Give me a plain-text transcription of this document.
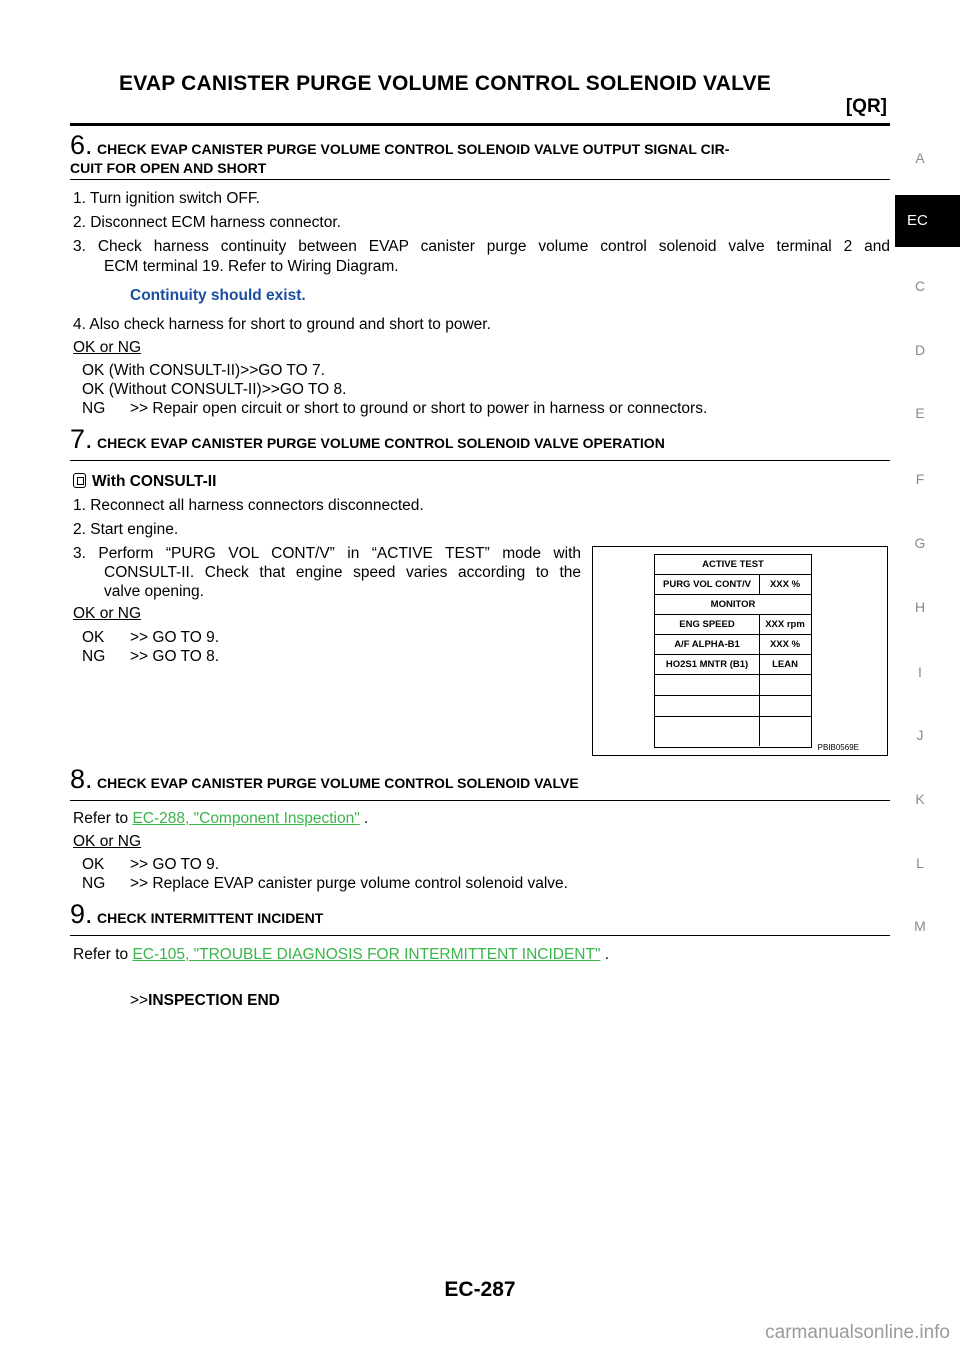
EVAP CANISTER PURGE VOLUME CONTROL SOLENOID VALVE
[QR]
A
EC
C
D
E
F
G
H
I
J
K
L
M
6. CHECK EVAP CANISTER PURGE VOLUME CONTROL SOLENOID VALVE OUTPUT SIGNAL CIR-
CUIT FOR OPEN AND SHORT
1. Turn ignition switch OFF.
2. Disconnect ECM harness connector.
3. Check harness continuity between EVAP canister purge volume control solenoid valve terminal 2 and
ECM terminal 19. Refer to Wiring Diagram.
Continuity should exist.
4. Also check harness for short to ground and short to power.
OK or NG
OK (With CONSULT-II)>>GO TO 7.
OK (Without CONSULT-II)>>GO TO 8.
NG >> Repair open circuit or short to ground or short to power in harness or connectors.
7. CHECK EVAP CANISTER PURGE VOLUME CONTROL SOLENOID VALVE OPERATION
With CONSULT-II
1. Reconnect all harness connectors disconnected.
2. Start engine.
3. Perform “PURG VOL CONT/V” in “ACTIVE TEST” mode with
CONSULT-II. Check that engine speed varies according to the
valve opening.
OK or NG
OK >> GO TO 9.
NG >> GO TO 8.
ACTIVE TEST
PURG VOL CONT/V	XXX %
MONITOR
ENG SPEED	XXX rpm
A/F ALPHA-B1	XXX %
HO2S1 MNTR (B1)	LEAN
PBIB0569E
8. CHECK EVAP CANISTER PURGE VOLUME CONTROL SOLENOID VALVE
Refer to EC-288, "Component Inspection" .
OK or NG
OK >> GO TO 9.
NG >> Replace EVAP canister purge volume control solenoid valve.
9. CHECK INTERMITTENT INCIDENT
Refer to EC-105, "TROUBLE DIAGNOSIS FOR INTERMITTENT INCIDENT" .
>>INSPECTION END
EC-287
carmanualsonline.info
